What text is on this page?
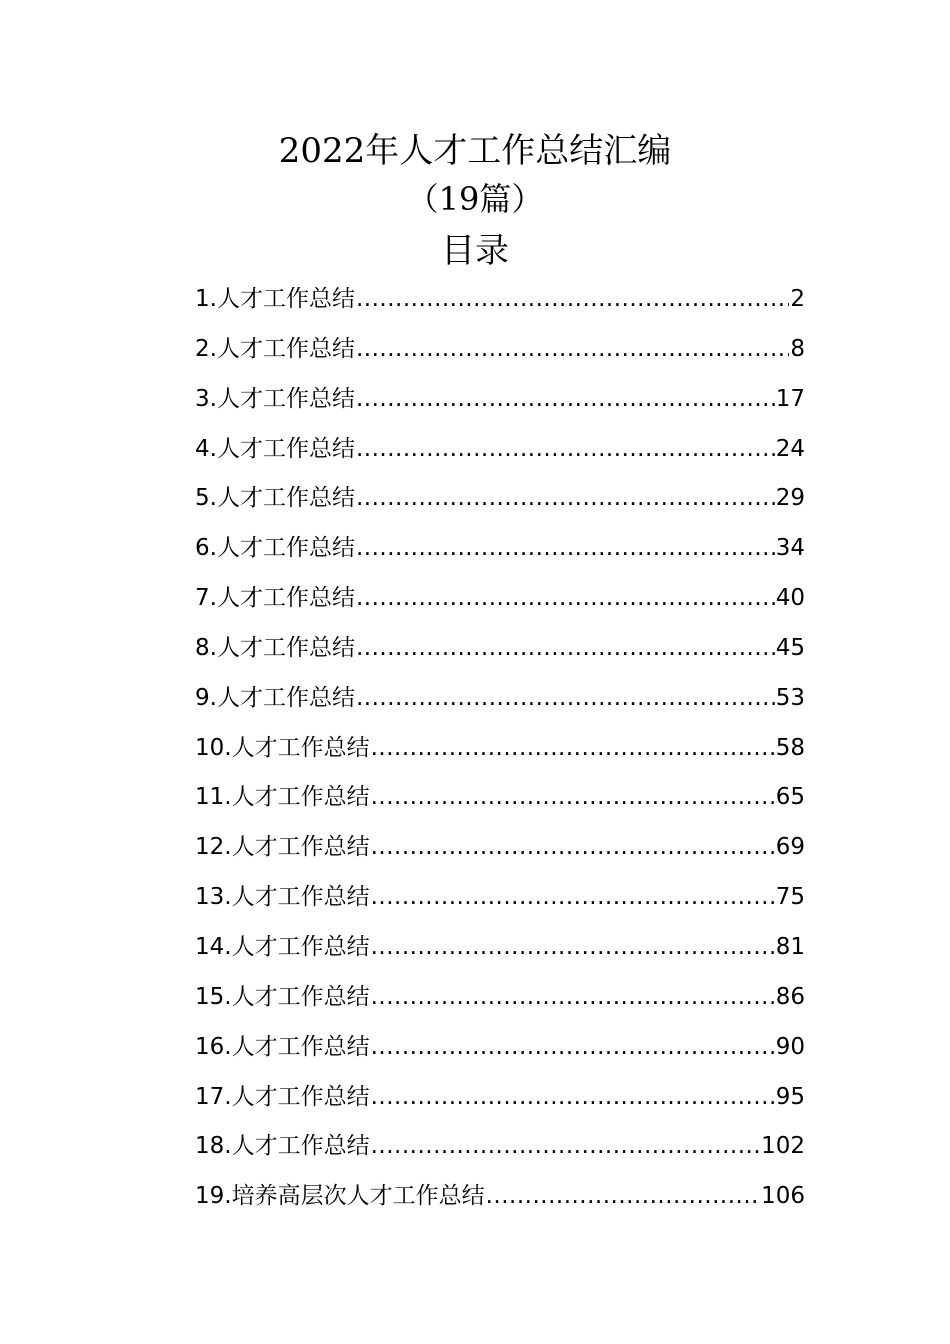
2022年人才工作总结汇编
（19篇）
目录
1.人才工作总结 .....	2
2.人才工作总结 .....	8
3.人才工作总结 .....	17
4.人才工作总结 .....	24
5.人才工作总结 .....	29
6.人才工作总结 .....	34
7.人才工作总结 .....	40
8.人才工作总结 .....	45
9.人才工作总结 .....	53
10.人才工作总结 .....	58
11.人才工作总结 .....	65
12.人才工作总结 .....	69
13.人才工作总结 .....	75
14.人才工作总结 .....	81
15.人才工作总结 .....	86
16.人才工作总结 .....	90
17.人才工作总结 .....	95
18.人才工作总结 .....	102
19.培养高层次人才工作总结 .....	106
